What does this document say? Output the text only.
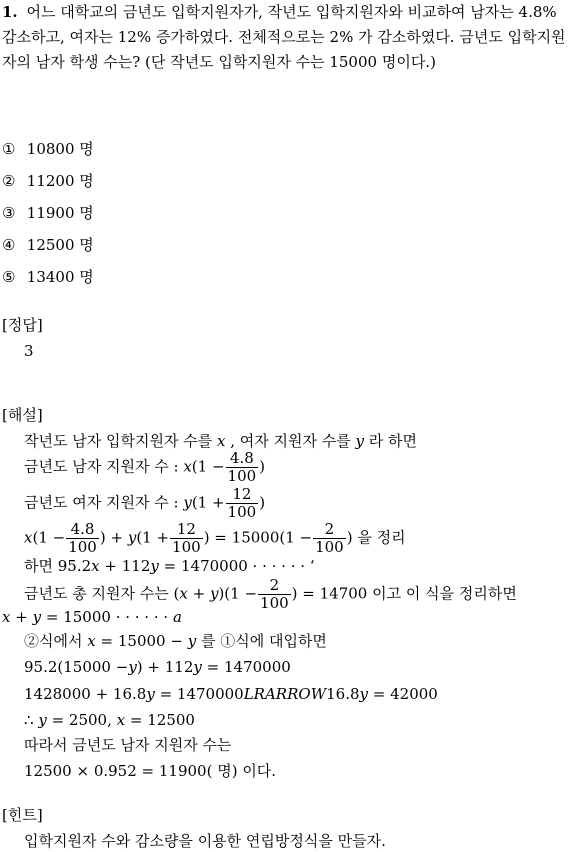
1. 어느 대학교의 금년도 입학지원자가, 작년도 입학지원자와 비교하여 남자는 4.8% 감소하고, 여자는 12% 증가하였다. 전체적으로는 2% 가 감소하였다. 금년도 입학지원자의 남자 학생 수는? (단 작년도 입학지원자 수는 15000 명이다.)
① 10800 명
② 11200 명
③ 11900 명
④ 12500 명
⑤ 13400 명
[정답]
3
[해설]
작년도 남자 입학지원자 수를 x , 여자 지원자 수를 y 라 하면
금년도 남자 지원자 수 : $x(1 - \frac{4.8}{100}$ )
금년도 여자 지원자 수 : $y(1 + \frac{12}{100}$ )
$x(1 - \frac{4.8}{100}$ ) + $y(1 + \frac{12}{100}$ ) = $15000(1 - \frac{2}{100}$ ) 을 정리
하면 95.2x + 112y = 1470000 · · · · · · ‘
금년도 총 지원자 수는 $(x + y)(1 - \frac{2}{100}$ ) = 14700 이고 이 식을 정리하면
x + y = 15000 · · · · · · a
②식에서 x = 15000 − y 를 ①식에 대입하면
95.2(15000 −y) + 112y = 1470000
1428000 + 16.8y = 1470000LRARROW16.8y = 42000
∴ y = 2500, x = 12500
따라서 금년도 남자 지원자 수는
12500 × 0.952 = 11900( 명) 이다.
[힌트]
입학지원자 수와 감소량을 이용한 연립방정식을 만들자.
